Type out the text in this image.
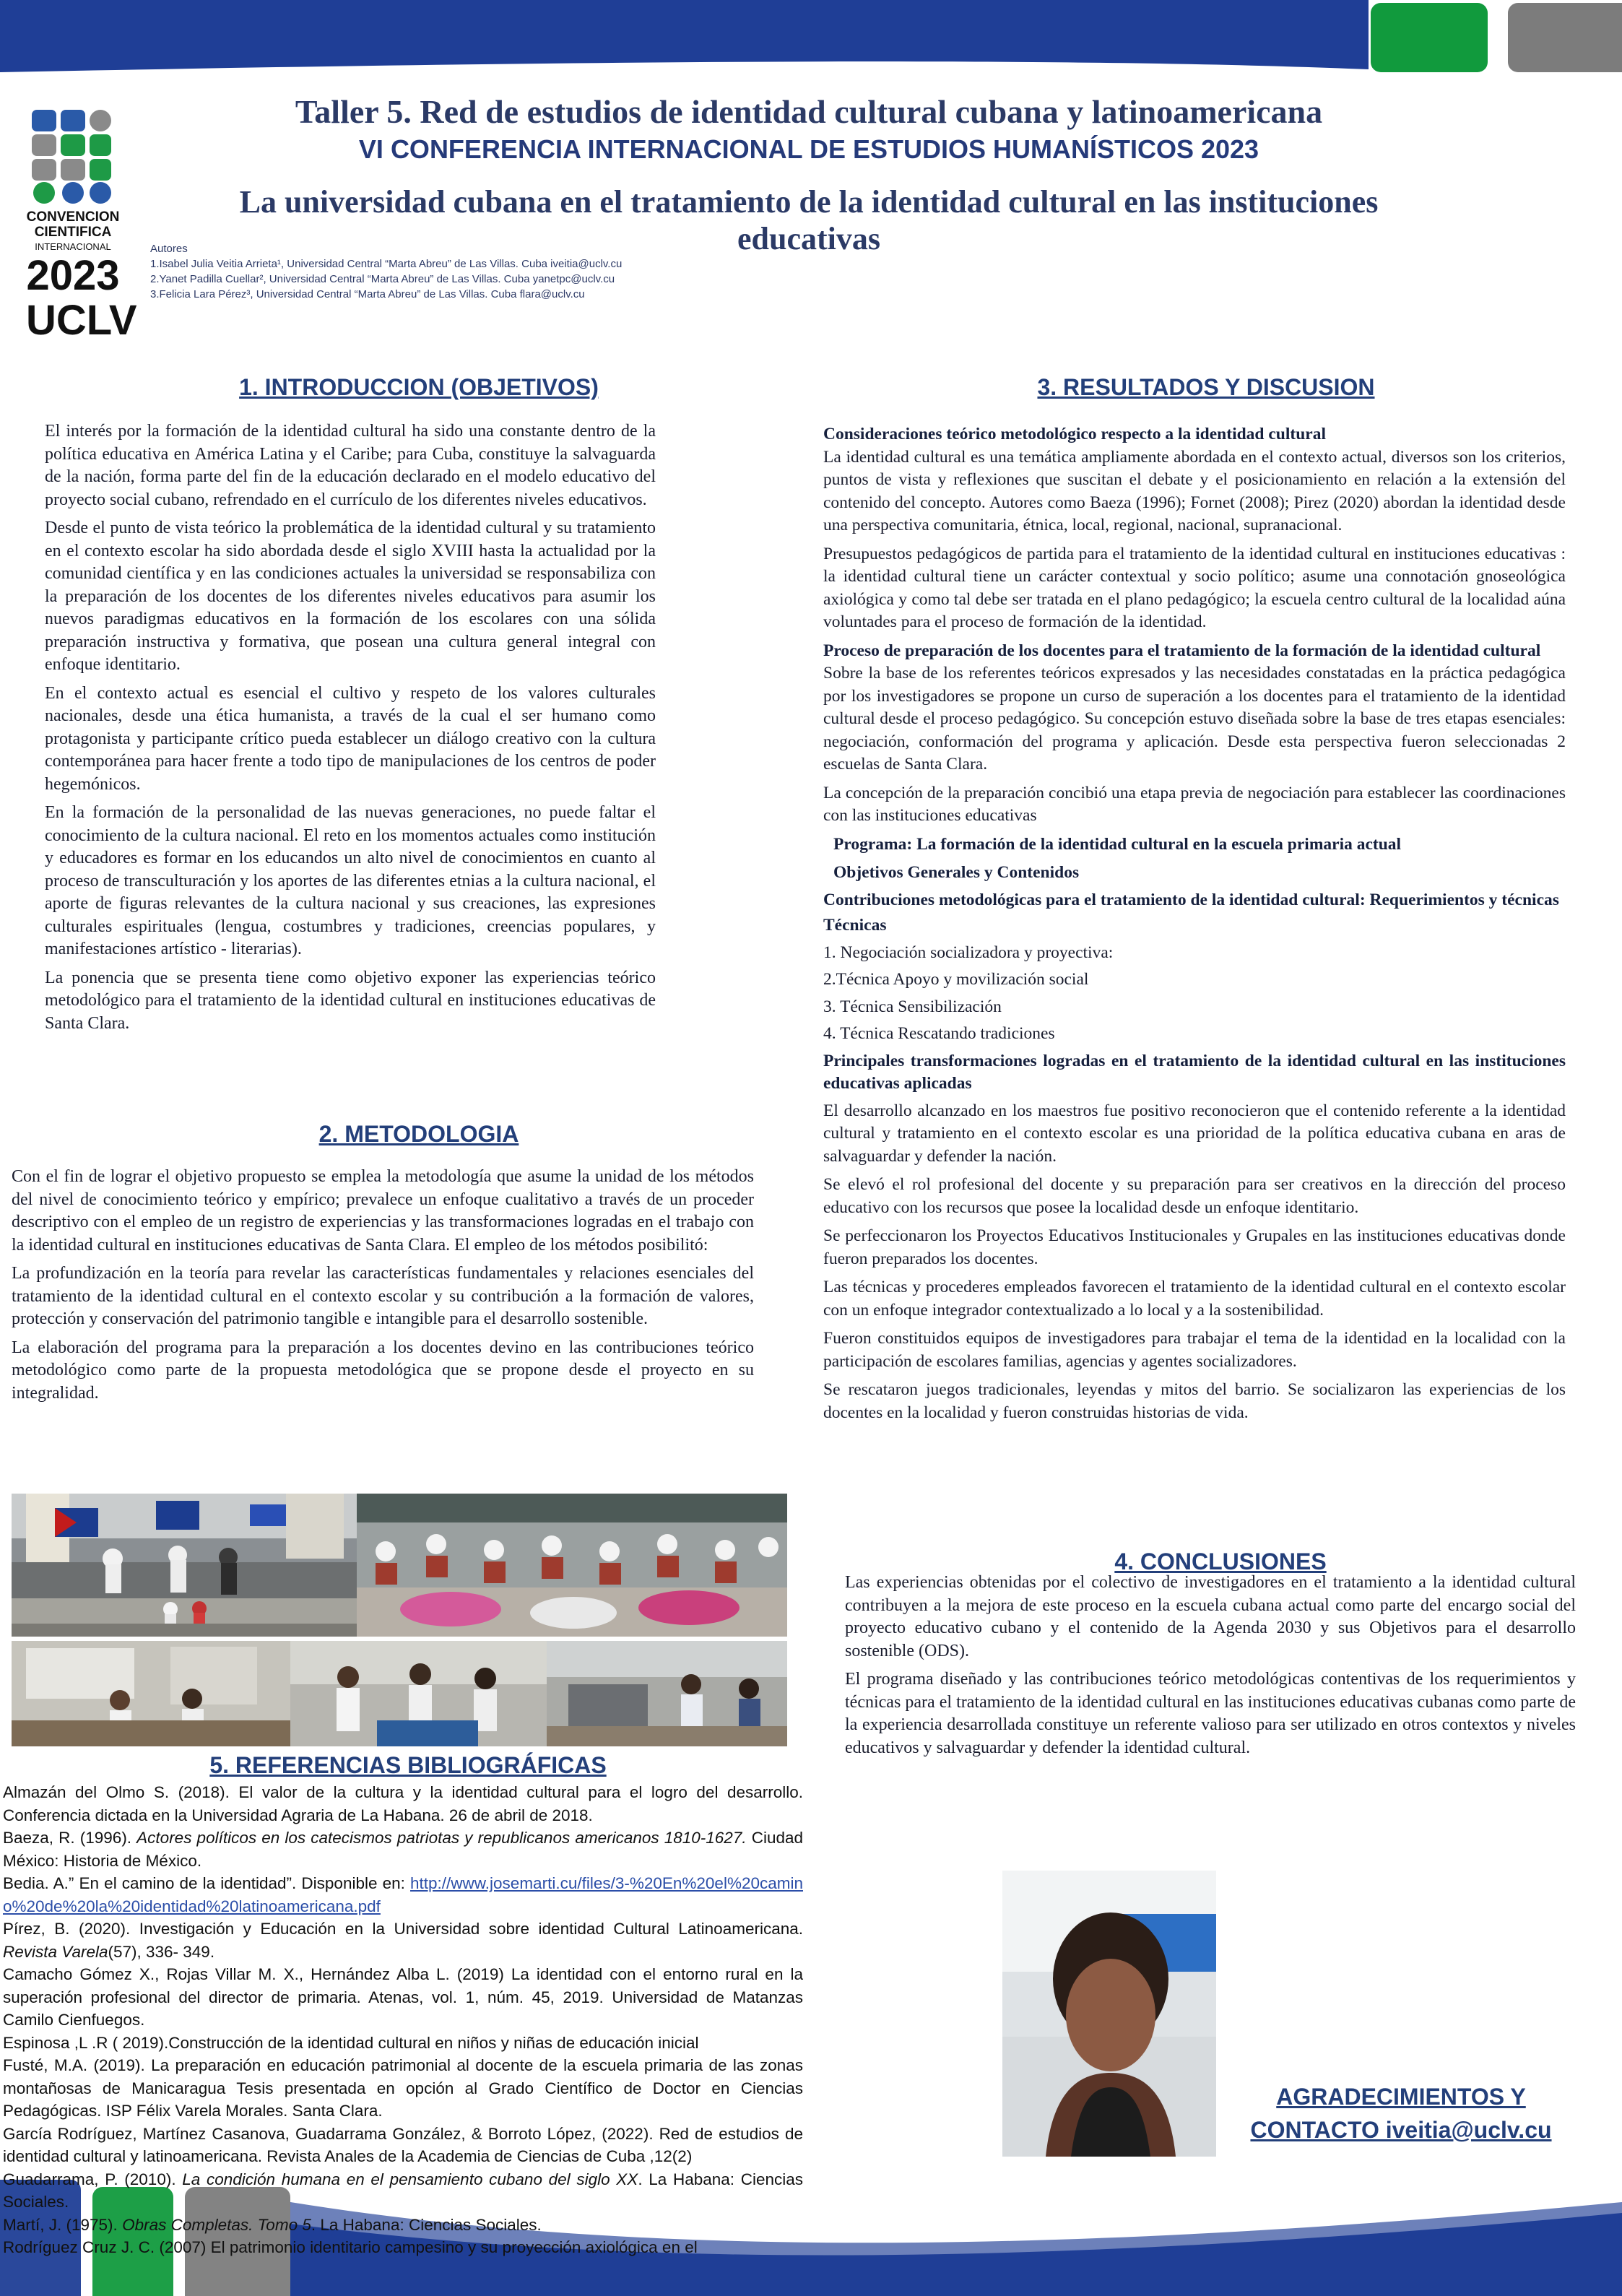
CONVENCION
CIENTIFICA
INTERNACIONAL
2023
UCLV
Taller 5. Red de estudios de identidad cultural cubana y latinoamericana
VI CONFERENCIA INTERNACIONAL DE ESTUDIOS HUMANÍSTICOS 2023
La universidad cubana en el tratamiento de la identidad cultural en las instituciones educativas
Autores
1.Isabel Julia Veitia Arrieta¹, Universidad Central “Marta Abreu” de Las Villas. Cuba iveitia@uclv.cu
2.Yanet Padilla Cuellar², Universidad Central “Marta Abreu” de Las Villas. Cuba yanetpc@uclv.cu
3.Felicia Lara Pérez³, Universidad Central “Marta Abreu” de Las Villas. Cuba flara@uclv.cu
1. INTRODUCCION (OBJETIVOS)

El interés por la formación de la identidad cultural ha sido una constante dentro de la política educativa en América Latina y el Caribe; para Cuba, constituye la salvaguarda de la nación, forma parte del fin de la educación declarado en el modelo educativo del proyecto social cubano, refrendado en el currículo de los diferentes niveles educativos.

Desde el punto de vista teórico la problemática de la identidad cultural y su tratamiento en el contexto escolar ha sido abordada desde el siglo XVIII hasta la actualidad por la comunidad científica y en las condiciones actuales la universidad se responsabiliza con la preparación de los docentes de los diferentes niveles educativos para asumir los nuevos paradigmas educativos en la formación de los escolares con una sólida preparación instructiva y formativa, que posean una cultura general integral con enfoque identitario.

En el contexto actual es esencial el cultivo y respeto de los valores culturales nacionales, desde una ética humanista, a través de la cual el ser humano como protagonista y participante crítico pueda establecer un diálogo creativo con la cultura contemporánea para hacer frente a todo tipo de manipulaciones de los centros de poder hegemónicos.

En la formación de la personalidad de las nuevas generaciones, no puede faltar el conocimiento de la cultura nacional. El reto en los momentos actuales como institución y educadores es formar en los educandos un alto nivel de conocimientos en cuanto al proceso de transculturación y los aportes de las diferentes etnias a la cultura nacional, el aporte de figuras relevantes de la cultura nacional y sus creaciones, las expresiones culturales espirituales (lengua, costumbres y tradiciones, creencias populares, y manifestaciones artístico - literarias).

La ponencia que se presenta tiene como objetivo exponer las experiencias teórico metodológico para el tratamiento de la identidad cultural en instituciones educativas de Santa Clara.

2. METODOLOGIA

Con el fin de lograr el objetivo propuesto se emplea la metodología que asume la unidad de los métodos del nivel de conocimiento teórico y empírico; prevalece un enfoque cualitativo a través de un proceder descriptivo con el empleo de un registro de experiencias y las transformaciones logradas en el trabajo con la identidad cultural en instituciones educativas de Santa Clara. El empleo de los métodos posibilitó:

La profundización en la teoría para revelar las características fundamentales y relaciones esenciales del tratamiento de la identidad cultural en el contexto escolar y su contribución a la formación de valores, protección y conservación del patrimonio tangible e intangible para el desarrollo sostenible.

La elaboración del programa para la preparación a los docentes devino en las contribuciones teórico metodológico como parte de la propuesta metodológica que se propone desde el proyecto en su integralidad.

5. REFERENCIAS BIBLIOGRÁFICAS

Almazán del Olmo S. (2018). El valor de la cultura y la identidad cultural para el logro del desarrollo. Conferencia dictada en la Universidad Agraria de La Habana. 26 de abril de 2018.

Baeza, R. (1996). Actores políticos en los catecismos patriotas y republicanos americanos 1810-1627. Ciudad México: Historia de México.

Bedia. A.” En el camino de la identidad”. Disponible en: http://www.josemarti.cu/files/3-%20En%20el%20camino%20de%20la%20identidad%20latinoamericana.pdf

Pírez, B. (2020). Investigación y Educación en la Universidad sobre identidad Cultural Latinoamericana. Revista Varela(57), 336- 349.

Camacho Gómez X., Rojas Villar M. X., Hernández Alba L. (2019) La identidad con el entorno rural en la superación profesional del director de primaria. Atenas, vol. 1, núm. 45, 2019. Universidad de Matanzas Camilo Cienfuegos.

Espinosa ,L .R ( 2019).Construcción de la identidad cultural en niños y niñas de educación inicial

Fusté, M.A. (2019). La preparación en educación patrimonial al docente de la escuela primaria de las zonas montañosas de Manicaragua Tesis presentada en opción al Grado Científico de Doctor en Ciencias Pedagógicas. ISP Félix Varela Morales. Santa Clara.

García Rodríguez, Martínez Casanova, Guadarrama González, & Borroto López, (2022). Red de estudios de identidad cultural y latinoamericana. Revista Anales de la Academia de Ciencias de Cuba ,12(2)

Guadarrama, P. (2010). La condición humana en el pensamiento cubano del siglo XX. La Habana: Ciencias Sociales.

Martí, J. (1975). Obras Completas. Tomo 5. La Habana: Ciencias Sociales.

Rodríguez Cruz J. C. (2007) El patrimonio identitario campesino y su proyección axiológica en el

3. RESULTADOS Y DISCUSION

Consideraciones teórico metodológico respecto a la identidad cultural

La identidad cultural es una temática ampliamente abordada en el contexto actual, diversos son los criterios, puntos de vista y reflexiones que suscitan el debate y el posicionamiento en relación a la extensión del contenido del concepto. Autores como Baeza (1996); Fornet (2008); Pirez (2020) abordan la identidad desde una perspectiva comunitaria, étnica, local, regional, nacional, supranacional.

Presupuestos pedagógicos de partida para el tratamiento de la identidad cultural en instituciones educativas : la identidad cultural tiene un carácter contextual y socio político; asume una connotación gnoseológica axiológica y como tal debe ser tratada en el plano pedagógico; la escuela centro cultural de la localidad aúna voluntades para el proceso de formación de la identidad.

Proceso de preparación de los docentes para el tratamiento de la formación de la identidad cultural

Sobre la base de los referentes teóricos expresados y las necesidades constatadas en la práctica pedagógica por los investigadores se propone un curso de superación a los docentes para el tratamiento de la identidad cultural desde el proceso pedagógico. Su concepción estuvo diseñada sobre la base de tres etapas esenciales: negociación, conformación del programa y aplicación. Desde esta perspectiva fueron seleccionadas 2 escuelas de Santa Clara.

La concepción de la preparación concibió una etapa previa de negociación para establecer las coordinaciones con las instituciones educativas

Programa: La formación de la identidad cultural en la escuela primaria actual

Objetivos Generales y Contenidos

Contribuciones metodológicas para el tratamiento de la identidad cultural: Requerimientos y técnicas

Técnicas

1. Negociación socializadora y proyectiva:

2.Técnica Apoyo y movilización social

3. Técnica Sensibilización

4. Técnica Rescatando tradiciones

Principales transformaciones logradas en el tratamiento de la identidad cultural en las instituciones educativas aplicadas

El desarrollo alcanzado en los maestros fue positivo reconocieron que el contenido referente a la identidad cultural y tratamiento en el contexto escolar es una prioridad de la política educativa cubana en aras de salvaguardar y defender la nación.

Se elevó el rol profesional del docente y su preparación para ser creativos en la dirección del proceso educativo con los recursos que posee la localidad desde un enfoque identitario.

Se perfeccionaron los Proyectos Educativos Institucionales y Grupales en las instituciones educativas donde fueron preparados los docentes.

Las técnicas y procederes empleados favorecen el tratamiento de la identidad cultural en el contexto escolar con un enfoque integrador contextualizado a lo local y a la sostenibilidad.

Fueron constituidos equipos de investigadores para trabajar el tema de la identidad en la localidad con la participación de escolares familias, agencias y agentes socializadores.

Se rescataron juegos tradicionales, leyendas y mitos del barrio. Se socializaron las experiencias de los docentes en la localidad y fueron construidas historias de vida.

4. CONCLUSIONES

Las experiencias obtenidas por el colectivo de investigadores en el tratamiento a la identidad cultural contribuyen a la mejora de este proceso en la escuela cubana actual como parte del encargo social del proyecto educativo cubano y el contenido de la Agenda 2030 y sus Objetivos para el desarrollo sostenible (ODS).

El programa diseñado y las contribuciones teórico metodológicas contentivas de los requerimientos y técnicas para el tratamiento de la identidad cultural en las instituciones educativas cubanas como parte de la experiencia desarrollada constituye un referente valioso para ser utilizado en otros contextos y niveles educativos y salvaguardar y defender la identidad cultural.

AGRADECIMIENTOS Y
CONTACTO iveitia@uclv.cu
